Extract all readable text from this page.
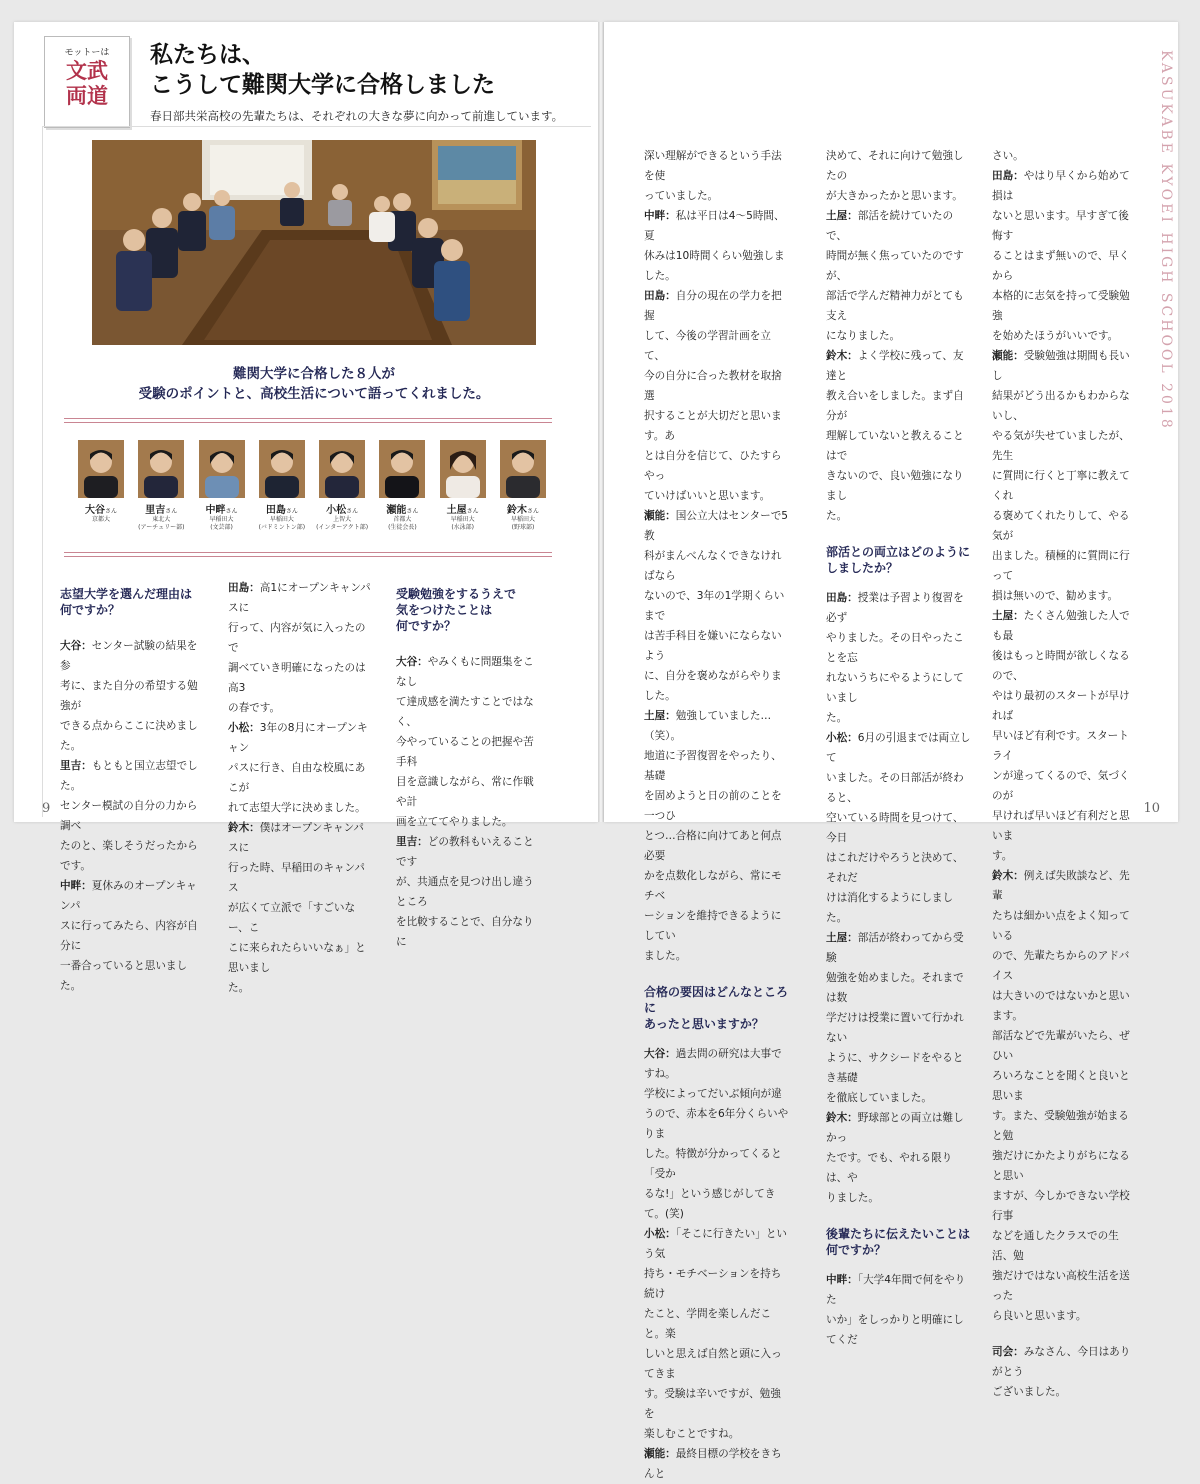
モットーは
文武
両道
私たちは、
こうして難関大学に合格しました
春日部共栄高校の先輩たちは、それぞれの大きな夢に向かって前進しています。
難関大学に合格した８人が
受験のポイントと、高校生活について語ってくれました。
大谷さん
京都大
里吉さん
東北大
(アーチェリー部)
中畔さん
早稲田大
(文芸部)
田島さん
早稲田大
(バドミントン部)
小松さん
上智大
(インターアクト部)
瀬能さん
首都大
(生徒会長)
土屋さん
早稲田大
(水泳部)
鈴木さん
早稲田大
(野球部)
志望大学を選んだ理由は
何ですか？
大谷：センター試験の結果を参
考に、また自分の希望する勉強が
できる点からここに決めました。
里吉：もともと国立志望でした。
センター模試の自分の力から調べ
たのと、楽しそうだったからです。
中畔：夏休みのオープンキャンパ
スに行ってみたら、内容が自分に
一番合っていると思いました。
田島：高1にオープンキャンパスに
行って、内容が気に入ったので
調べていき明確になったのは高3
の春です。
小松：3年の8月にオープンキャン
パスに行き、自由な校風にあこが
れて志望大学に決めました。
鈴木：僕はオープンキャンパスに
行った時、早稲田のキャンパス
が広くて立派で「すごいなー、こ
こに来られたらいいなぁ」と思いまし
た。
受験勉強をするうえで
気をつけたことは
何ですか？
大谷：やみくもに問題集をこなし
て達成感を満たすことではなく、
今やっていることの把握や苦手科
目を意識しながら、常に作戦や計
画を立ててやりました。
里吉：どの教科もいえることです
が、共通点を見つけ出し違うところ
を比較することで、自分なりに
9
KASUKABE KYOEI HIGH SCHOOL 2018
深い理解ができるという手法を使
っていました。
中畔：私は平日は4～5時間、夏
休みは10時間くらい勉強しました。
田島：自分の現在の学力を把握
して、今後の学習計画を立て、
今の自分に合った教材を取捨選
択することが大切だと思います。あ
とは自分を信じて、ひたすらやっ
ていけばいいと思います。
瀬能：国公立大はセンターで5教
科がまんべんなくできなければなら
ないので、3年の1学期くらいまで
は苦手科目を嫌いにならないよう
に、自分を褒めながらやりました。
土屋：勉強していました…（笑）。
地道に予習復習をやったり、基礎
を固めようと日の前のことを一つひ
とつ…合格に向けてあと何点必要
かを点数化しながら、常にモチベ
ーションを維持できるようにしてい
ました。
合格の要因はどんなところに
あったと思いますか？
大谷：過去問の研究は大事ですね。
学校によってだいぶ傾向が違
うので、赤本を6年分くらいやりま
した。特徴が分かってくると「受か
るな!」という感じがしてきて。(笑)
小松：「そこに行きたい」という気
持ち・モチベーションを持ち続け
たこと、学問を楽しんだこと。楽
しいと思えば自然と頭に入ってきま
す。受験は辛いですが、勉強を
楽しむことですね。
瀬能：最終目標の学校をきちんと
決めて、それに向けて勉強したの
が大きかったかと思います。
土屋：部活を続けていたので、
時間が無く焦っていたのですが、
部活で学んだ精神力がとても支え
になりました。
鈴木：よく学校に残って、友達と
教え合いをしました。まず自分が
理解していないと教えることはで
きないので、良い勉強になりまし
た。
部活との両立はどのように
しましたか？
田島：授業は予習より復習を必ず
やりました。その日やったことを忘
れないうちにやるようにしていまし
た。
小松：6月の引退までは両立して
いました。その日部活が終わると、
空いている時間を見つけて、今日
はこれだけやろうと決めて、それだ
けは消化するようにしました。
土屋：部活が終わってから受験
勉強を始めました。それまでは数
学だけは授業に置いて行かれない
ように、サクシードをやるとき基礎
を徹底していました。
鈴木：野球部との両立は難しかっ
たです。でも、やれる限りは、や
りました。
後輩たちに伝えたいことは
何ですか？
中畔：「大学4年間で何をやりた
いか」をしっかりと明確にしてくだ
さい。
田島：やはり早くから始めて損は
ないと思います。早すぎて後悔す
ることはまず無いので、早くから
本格的に志気を持って受験勉強
を始めたほうがいいです。
瀬能：受験勉強は期間も長いし
結果がどう出るかもわからないし、
やる気が失せていましたが、先生
に質問に行くと丁寧に教えてくれ
る褒めてくれたりして、やる気が
出ました。積極的に質問に行って
損は無いので、勧めます。
土屋：たくさん勉強した人でも最
後はもっと時間が欲しくなるので、
やはり最初のスタートが早ければ
早いほど有利です。スタートライ
ンが違ってくるので、気づくのが
早ければ早いほど有利だと思いま
す。
鈴木：例えば失敗談など、先輩
たちは細かい点をよく知っている
ので、先輩たちからのアドバイス
は大きいのではないかと思います。
部活などで先輩がいたら、ぜひい
ろいろなことを聞くと良いと思いま
す。また、受験勉強が始まると勉
強だけにかたよりがちになると思い
ますが、今しかできない学校行事
などを通したクラスでの生活、勉
強だけではない高校生活を送った
ら良いと思います。
司会：みなさん、今日はありがとう
ございました。
10
